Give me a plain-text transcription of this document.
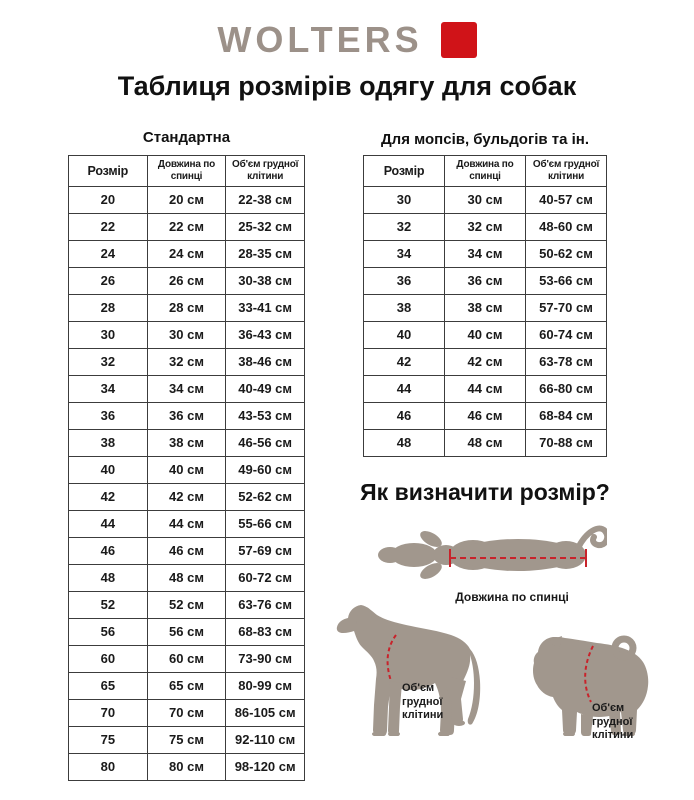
WOLTERS
Таблиця розмірів одягу для собак
Стандартна	Для мопсів, бульдогів та ін.
Розмір	Довжина по спинці	Об'єм грудної клітини
20	20 см	22-38 см
22	22 см	25-32 см
24	24 см	28-35 см
26	26 см	30-38 см
28	28 см	33-41 см
30	30 см	36-43 см
32	32 см	38-46 см
34	34 см	40-49 см
36	36 см	43-53 см
38	38 см	46-56 см
40	40 см	49-60 см
42	42 см	52-62 см
44	44 см	55-66 см
46	46 см	57-69 см
48	48 см	60-72 см
52	52 см	63-76 см
56	56 см	68-83 см
60	60 см	73-90 см
65	65 см	80-99 см
70	70 см	86-105 см
75	75 см	92-110 см
80	80 см	98-120 см
Розмір	Довжина по спинці	Об'єм грудної клітини
30	30 см	40-57 см
32	32 см	48-60 см
34	34 см	50-62 см
36	36 см	53-66 см
38	38 см	57-70 см
40	40 см	60-74 см
42	42 см	63-78 см
44	44 см	66-80 см
46	46 см	68-84 см
48	48 см	70-88 см
Як визначити розмір?
Довжина по спинці
Об'єм
грудної
клітини
Об'єм
грудної
клітини
